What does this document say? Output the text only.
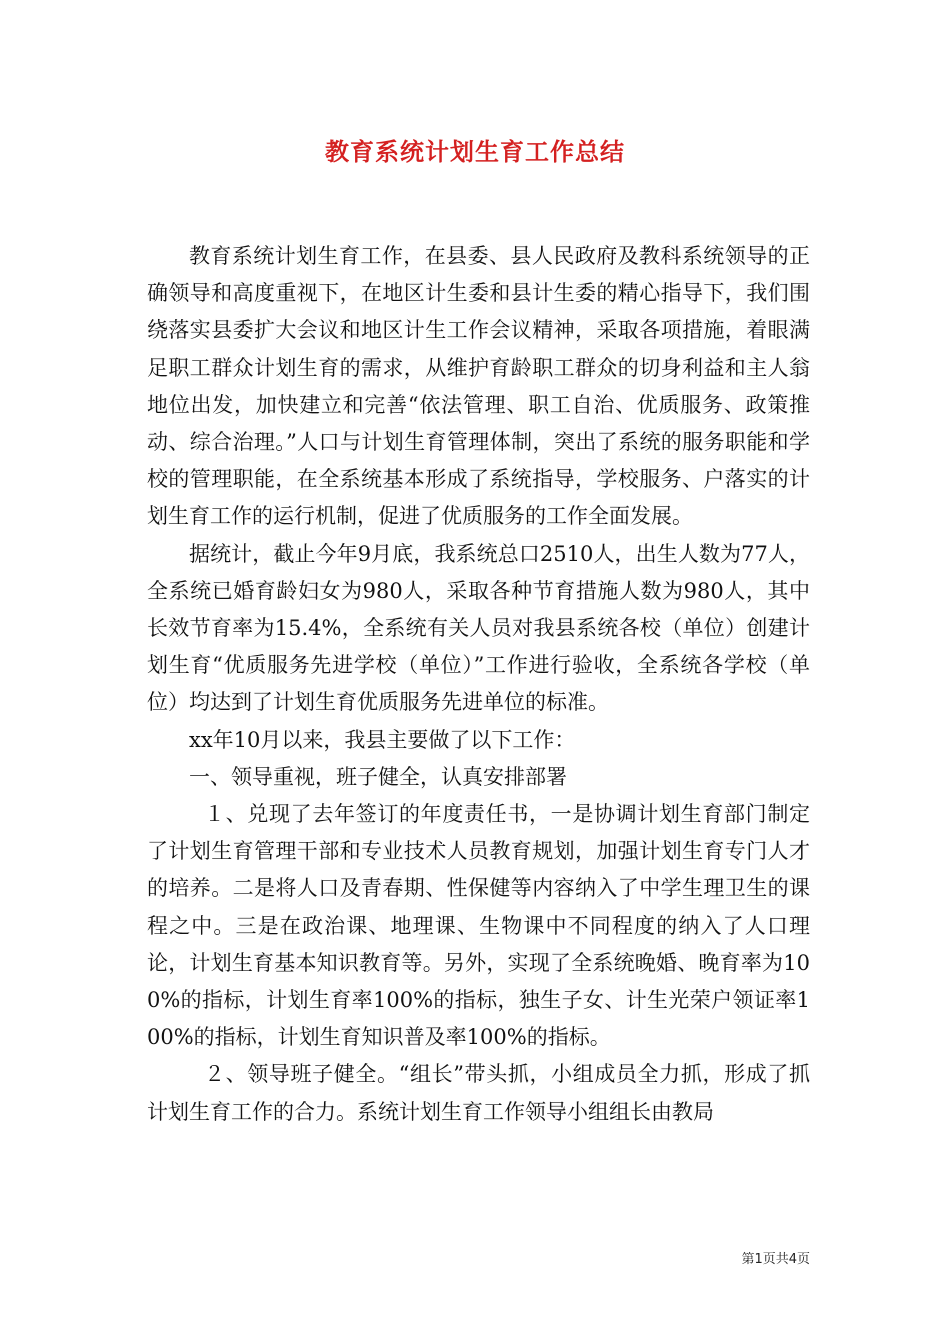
教育系统计划生育工作总结

教育系统计划生育工作，在县委、县人民政府及教科系统领导的正确领导和高度重视下，在地区计生委和县计生委的精心指导下，我们围绕落实县委扩大会议和地区计生工作会议精神，采取各项措施，着眼满足职工群众计划生育的需求，从维护育龄职工群众的切身利益和主人翁地位出发，加快建立和完善“依法管理、职工自治、优质服务、政策推动、综合治理。”人口与计划生育管理体制，突出了系统的服务职能和学校的管理职能，在全系统基本形成了系统指导，学校服务、户落实的计划生育工作的运行机制，促进了优质服务的工作全面发展。

据统计，截止今年9月底，我系统总口2510人，出生人数为77人，全系统已婚育龄妇女为980人，采取各种节育措施人数为980人，其中长效节育率为15.4%，全系统有关人员对我县系统各校（单位）创建计划生育“优质服务先进学校（单位）”工作进行验收，全系统各学校（单位）均达到了计划生育优质服务先进单位的标准。

xx年10月以来，我县主要做了以下工作：

一、领导重视，班子健全，认真安排部署

１、兑现了去年签订的年度责任书，一是协调计划生育部门制定了计划生育管理干部和专业技术人员教育规划，加强计划生育专门人才的培养。二是将人口及青春期、性保健等内容纳入了中学生理卫生的课程之中。三是在政治课、地理课、生物课中不同程度的纳入了人口理论，计划生育基本知识教育等。另外，实现了全系统晚婚、晚育率为100%的指标，计划生育率100%的指标，独生子女、计生光荣户领证率100%的指标，计划生育知识普及率100%的指标。

２、领导班子健全。“组长”带头抓，小组成员全力抓，形成了抓计划生育工作的合力。系统计划生育工作领导小组组长由教局

第1页共4页
